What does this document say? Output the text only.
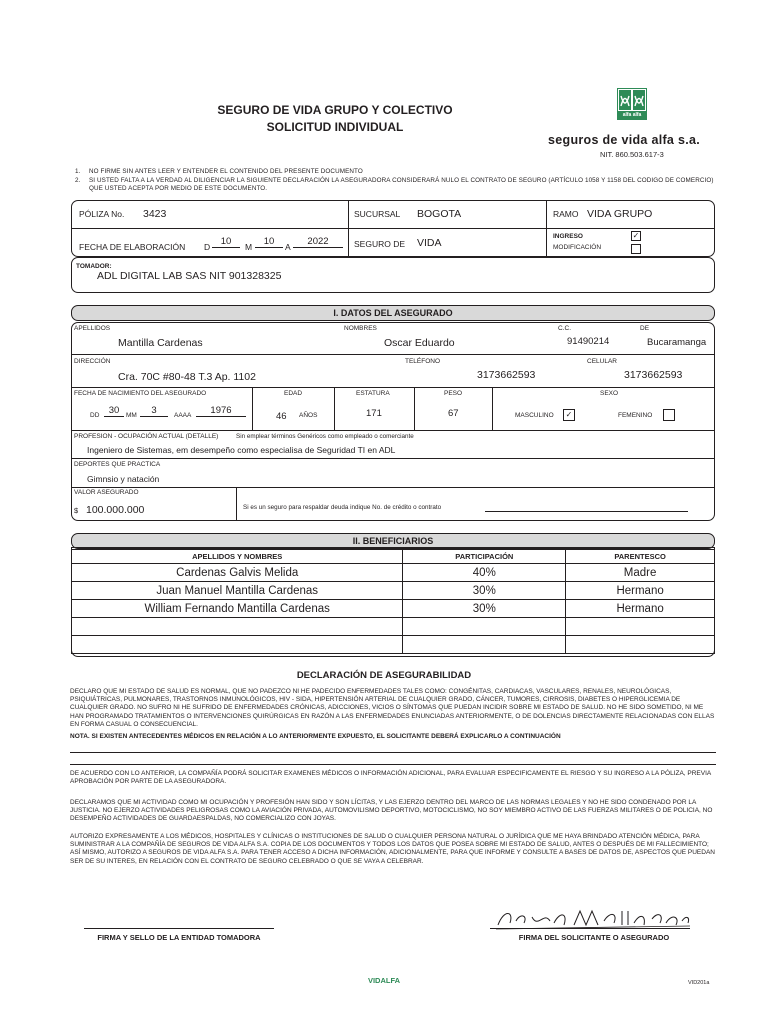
SEGURO DE VIDA GRUPO Y COLECTIVO
SOLICITUD INDIVIDUAL
alfa alfa
seguros de vida alfa s.a.
NIT. 860.503.617-3
1. NO FIRME SIN ANTES LEER Y ENTENDER EL CONTENIDO DEL PRESENTE DOCUMENTO
2. SI USTED FALTA A LA VERDAD AL DILIGENCIAR LA SIGUIENTE DECLARACIÓN LA ASEGURADORA CONSIDERARÁ NULO EL CONTRATO DE SEGURO (ARTÍCULO 1058 Y 1158 DEL CODIGO DE COMERCIO) QUE USTED ACEPTA POR MEDIO DE ESTE DOCUMENTO.
PÓLIZA No. 3423	SUCURSAL BOGOTA	RAMO VIDA GRUPO
FECHA DE ELABORACIÓN D	10	M	10	A	2022	SEGURO DE VIDA
INGRESO	✓
MODIFICACIÓN
TOMADOR:
ADL DIGITAL LAB SAS NIT 901328325
I. DATOS DEL ASEGURADO
APELLIDOS
Mantilla Cardenas
NOMBRES
Oscar Eduardo
C.C.
91490214
DE
Bucaramanga
DIRECCIÓN
Cra. 70C #80-48 T.3 Ap. 1102
TELÉFONO
3173662593
CELULAR
3173662593
FECHA DE NACIMIENTO DEL ASEGURADO
DD 30	MM	3	AAAA	1976
EDAD
46 AÑOS
ESTATURA
171
PESO
67
SEXO
MASCULINO	✓	FEMENINO
PROFESION - OCUPACIÓN ACTUAL (DETALLE)	Sin emplear términos Genéricos como empleado o comerciante
Ingeniero de Sistemas, em desempeño como especialisa de Seguridad TI en ADL
DEPORTES QUE PRACTICA
Gimnsio y natación
VALOR ASEGURADO
$ 100.000.000	Si es un seguro para respaldar deuda indique No. de crédito o contrato
II. BENEFICIARIOS
APELLIDOS Y NOMBRES	PARTICIPACIÓN	PARENTESCO
Cardenas Galvis Melida	40%	Madre
Juan Manuel Mantilla Cardenas	30%	Hermano
William Fernando Mantilla Cardenas	30%	Hermano

DECLARACIÓN DE ASEGURABILIDAD
DECLARO QUE MI ESTADO DE SALUD ES NORMAL, QUE NO PADEZCO NI HE PADECIDO ENFERMEDADES TALES COMO: CONGÉNITAS, CARDIACAS, VASCULARES, RENALES, NEUROLÓGICAS, PSIQUIÁTRICAS, PULMONARES, TRASTORNOS INMUNOLÓGICOS, HIV - SIDA, HIPERTENSIÓN ARTERIAL DE CUALQUIER GRADO, CÁNCER, TUMORES, CIRROSIS, DIABETES O HIPERGLICEMIA DE CUALQUIER GRADO. NO SUFRO NI HE SUFRIDO DE ENFERMEDADES CRÓNICAS, ADICCIONES, VICIOS O SÍNTOMAS QUE PUEDAN INCIDIR SOBRE MI ESTADO DE SALUD. NO HE SIDO SOMETIDO, NI ME HAN PROGRAMADO TRATAMIENTOS O INTERVENCIONES QUIRÚRGICAS EN RAZÓN A LAS ENFERMEDADES ENUNCIADAS ANTERIORMENTE, O DE DOLENCIAS DIRECTAMENTE RELACIONADAS CON ELLAS EN FORMA CASUAL O CONSECUENCIAL.
NOTA. SI EXISTEN ANTECEDENTES MÉDICOS EN RELACIÓN A LO ANTERIORMENTE EXPUESTO, EL SOLICITANTE DEBERÁ EXPLICARLO A CONTINUACIÓN
DE ACUERDO CON LO ANTERIOR, LA COMPAÑÍA PODRÁ SOLICITAR EXAMENES MÉDICOS O INFORMACIÓN ADICIONAL, PARA EVALUAR ESPECIFICAMENTE EL RIESGO Y SU INGRESO A LA PÓLIZA, PREVIA APROBACIÓN POR PARTE DE LA ASEGURADORA.
DECLARAMOS QUE MI ACTIVIDAD COMO MI OCUPACIÓN Y PROFESIÓN HAN SIDO Y SON LÍCITAS, Y LAS EJERZO DENTRO DEL MARCO DE LAS NORMAS LEGALES Y NO HE SIDO CONDENADO POR LA JUSTICIA. NO EJERZO ACTIVIDADES PELIGROSAS COMO LA AVIACIÓN PRIVADA, AUTOMOVILISMO DEPORTIVO, MOTOCICLISMO, NO SOY MIEMBRO ACTIVO DE LAS FUERZAS MILITARES O DE POLICIA, NO DESEMPEÑO ACTIVIDADES DE GUARDAESPALDAS, NO COMERCIALIZO CON JOYAS.
AUTORIZO EXPRESAMENTE A LOS MÉDICOS, HOSPITALES Y CLÍNICAS O INSTITUCIONES DE SALUD O CUALQUIER PERSONA NATURAL O JURÍDICA QUE ME HAYA BRINDADO ATENCIÓN MÉDICA, PARA SUMINISTRAR A LA COMPAÑÍA DE SEGUROS DE VIDA ALFA S.A. COPIA DE LOS DOCUMENTOS Y TODOS LOS DATOS QUE POSEA SOBRE MI ESTADO DE SALUD, ANTES O DESPUÉS DE MI FALLECIMIENTO; ASÍ MISMO, AUTORIZO A SEGUROS DE VIDA ALFA S.A. PARA TENER ACCESO A DICHA INFORMACIÓN, ADICIONALMENTE, PARA QUE INFORME Y CONSULTE A BASES DE DATOS DE, ASPECTOS QUE PUEDAN SER DE SU INTERES, EN RELACIÓN CON EL CONTRATO DE SEGURO CELEBRADO O QUE SE VAYA A CELEBRAR.
FIRMA Y SELLO DE LA ENTIDAD TOMADORA	FIRMA DEL SOLICITANTE O ASEGURADO
VIDALFA	VID201a
